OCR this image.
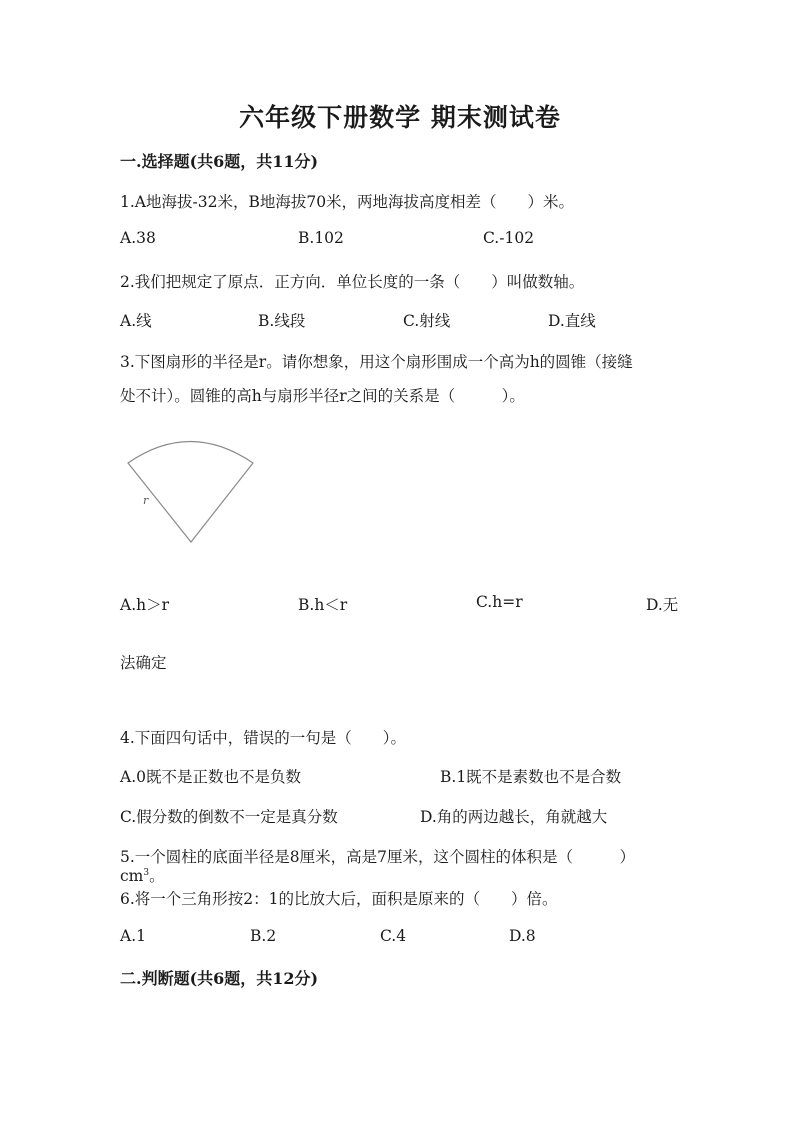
六年级下册数学 期末测试卷
一.选择题(共6题，共11分)
1.A地海拔-32米，B地海拔70米，两地海拔高度相差（　　）米。
A.38	B.102	C.-102
2.我们把规定了原点．正方向．单位长度的一条（　　）叫做数轴。
A.线	B.线段	C.射线	D.直线
3.下图扇形的半径是r。请你想象，用这个扇形围成一个高为h的圆锥（接缝
处不计）。圆锥的高h与扇形半径r之间的关系是（　　　）。
r
A.h＞r	B.h＜r	C.h=r	D.无
法确定
4.下面四句话中，错误的一句是（　　）。
A.0既不是正数也不是负数	B.1既不是素数也不是合数
C.假分数的倒数不一定是真分数	D.角的两边越长，角就越大
5.一个圆柱的底面半径是8厘米，高是7厘米，这个圆柱的体积是（　　　）
$cm^3$。
6.将一个三角形按2：1的比放大后，面积是原来的（　　）倍。
A.1	B.2	C.4	D.8
二.判断题(共6题，共12分)
